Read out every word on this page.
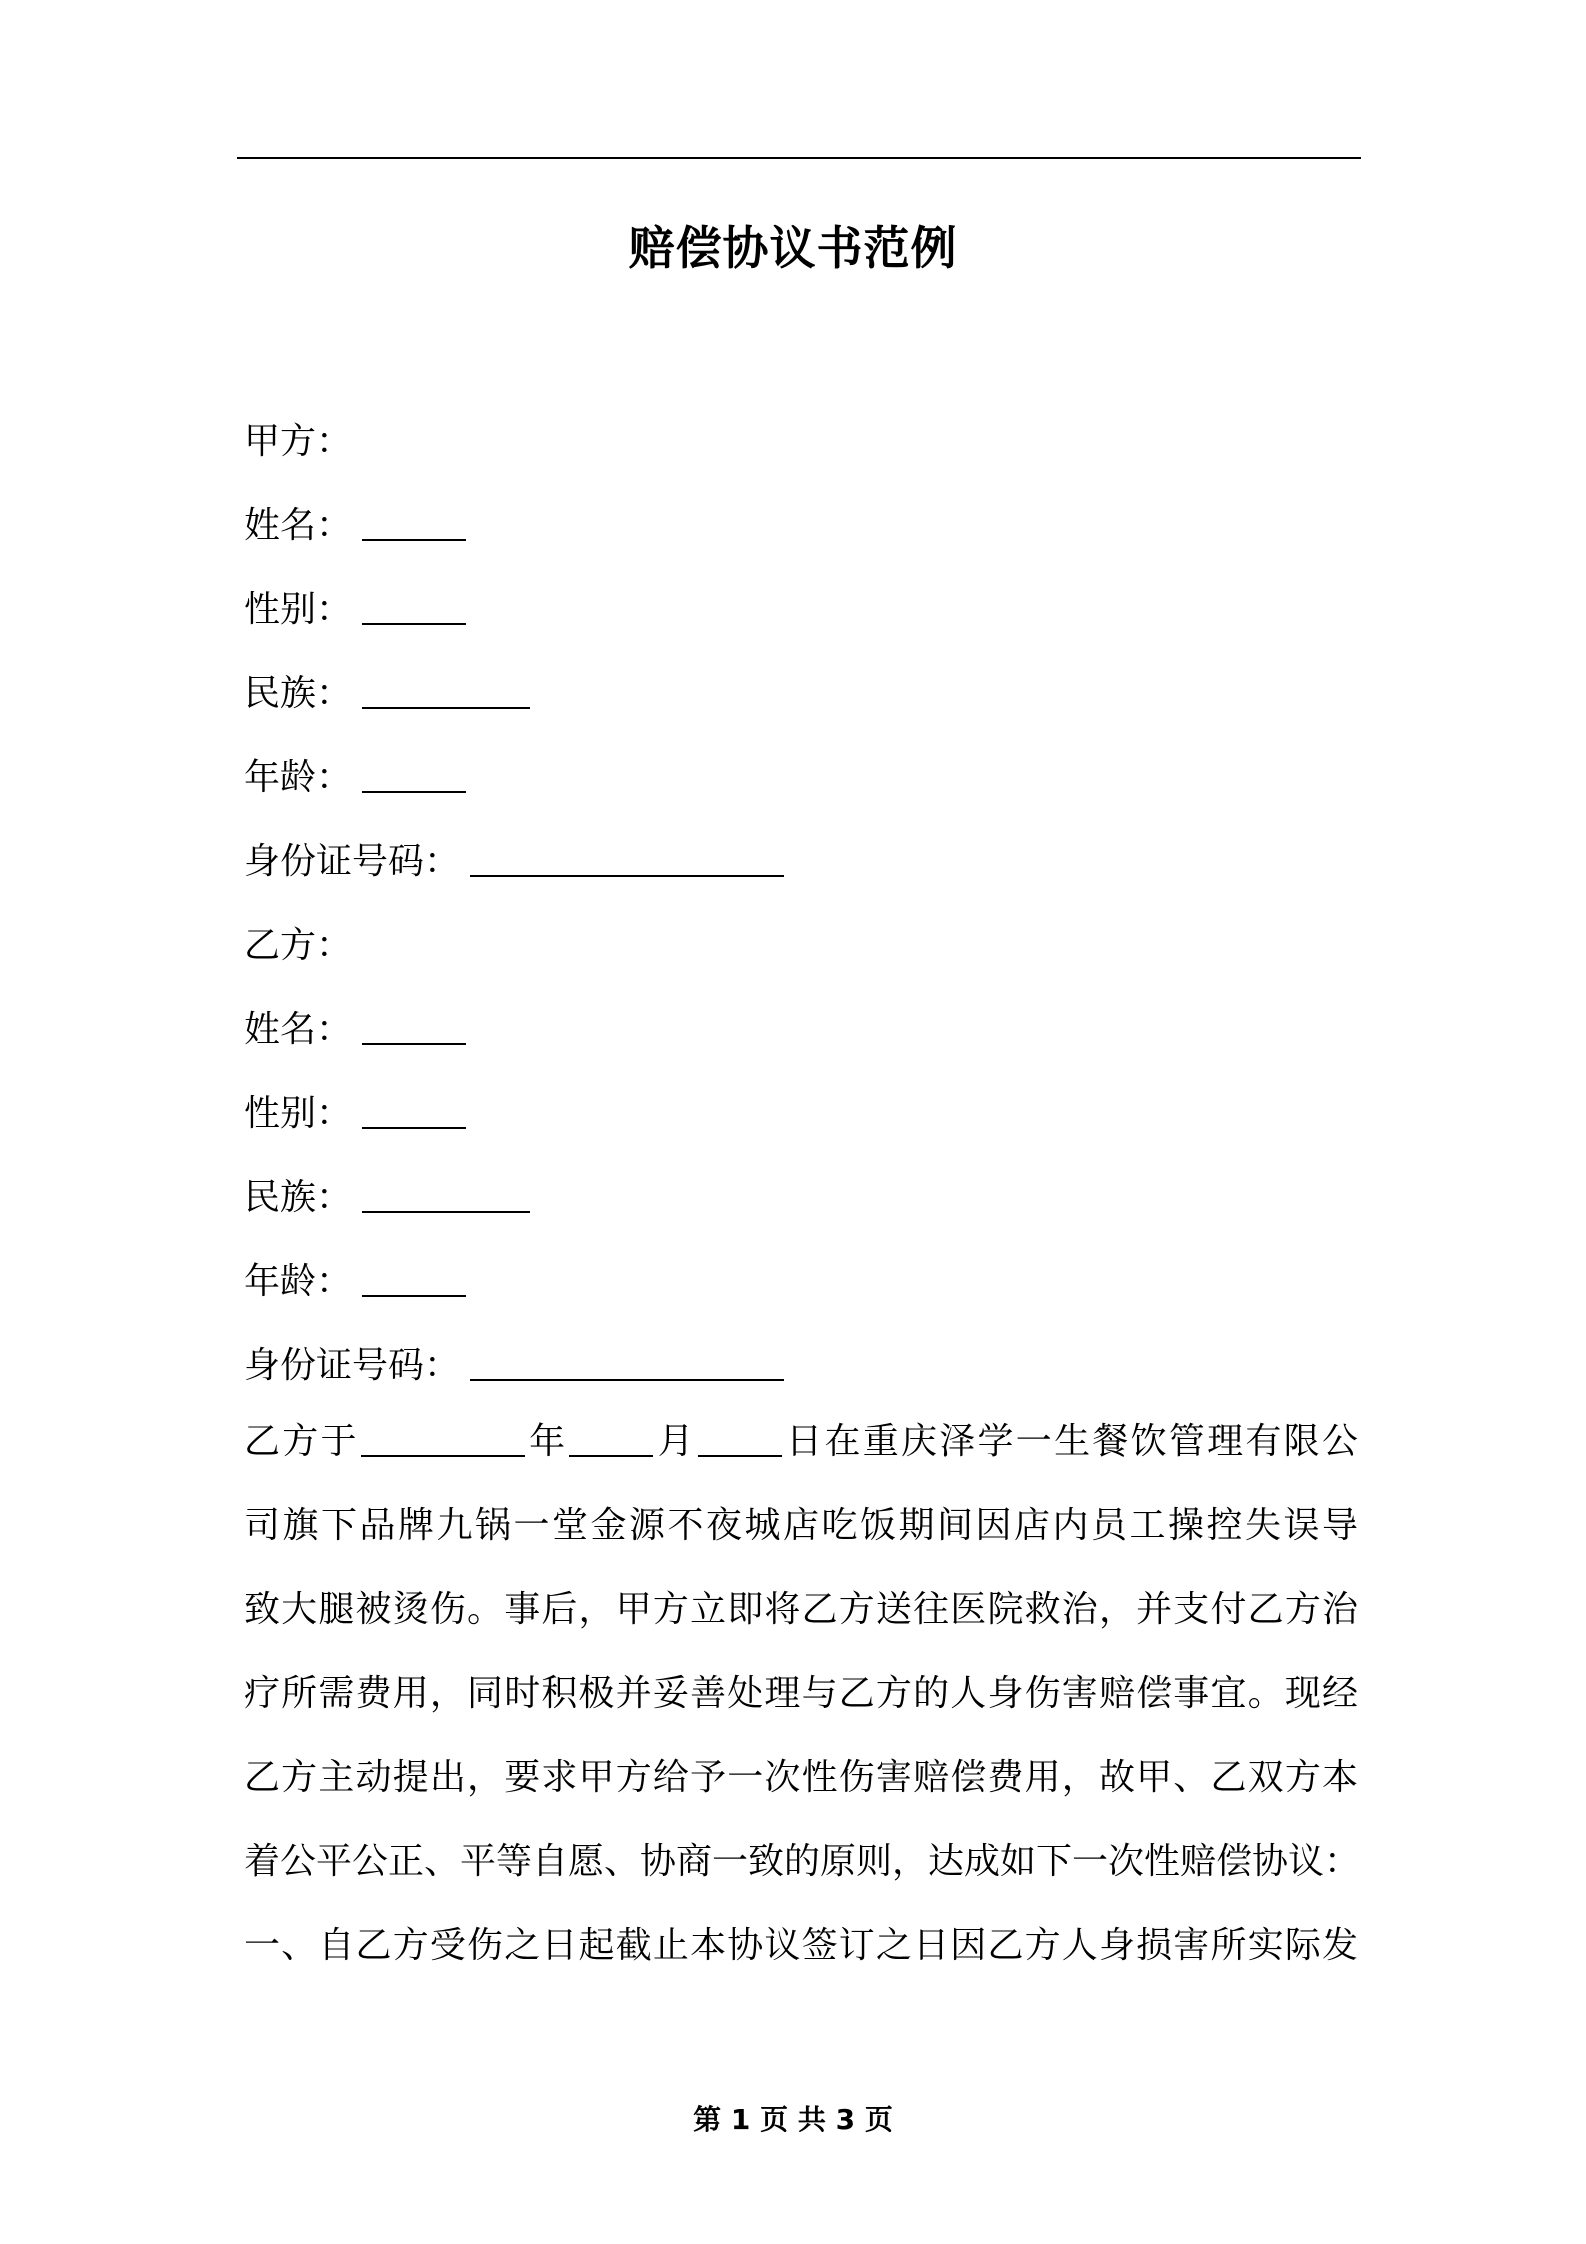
赔偿协议书范例
甲方：
姓名：
性别：
民族：
年龄：
身份证号码：
乙方：
姓名：
性别：
民族：
年龄：
身份证号码：
乙方于	年 月 日在重庆泽学一生餐饮管理有限公
司旗下品牌九锅一堂金源不夜城店吃饭期间因店内员工操控失误导
致大腿被烫伤。事后，甲方立即将乙方送往医院救治，并支付乙方治
疗所需费用，同时积极并妥善处理与乙方的人身伤害赔偿事宜。现经
乙方主动提出，要求甲方给予一次性伤害赔偿费用，故甲、乙双方本
着公平公正、平等自愿、协商一致的原则，达成如下一次性赔偿协议：
一、自乙方受伤之日起截止本协议签订之日因乙方人身损害所实际发
第 1 页 共 3 页
